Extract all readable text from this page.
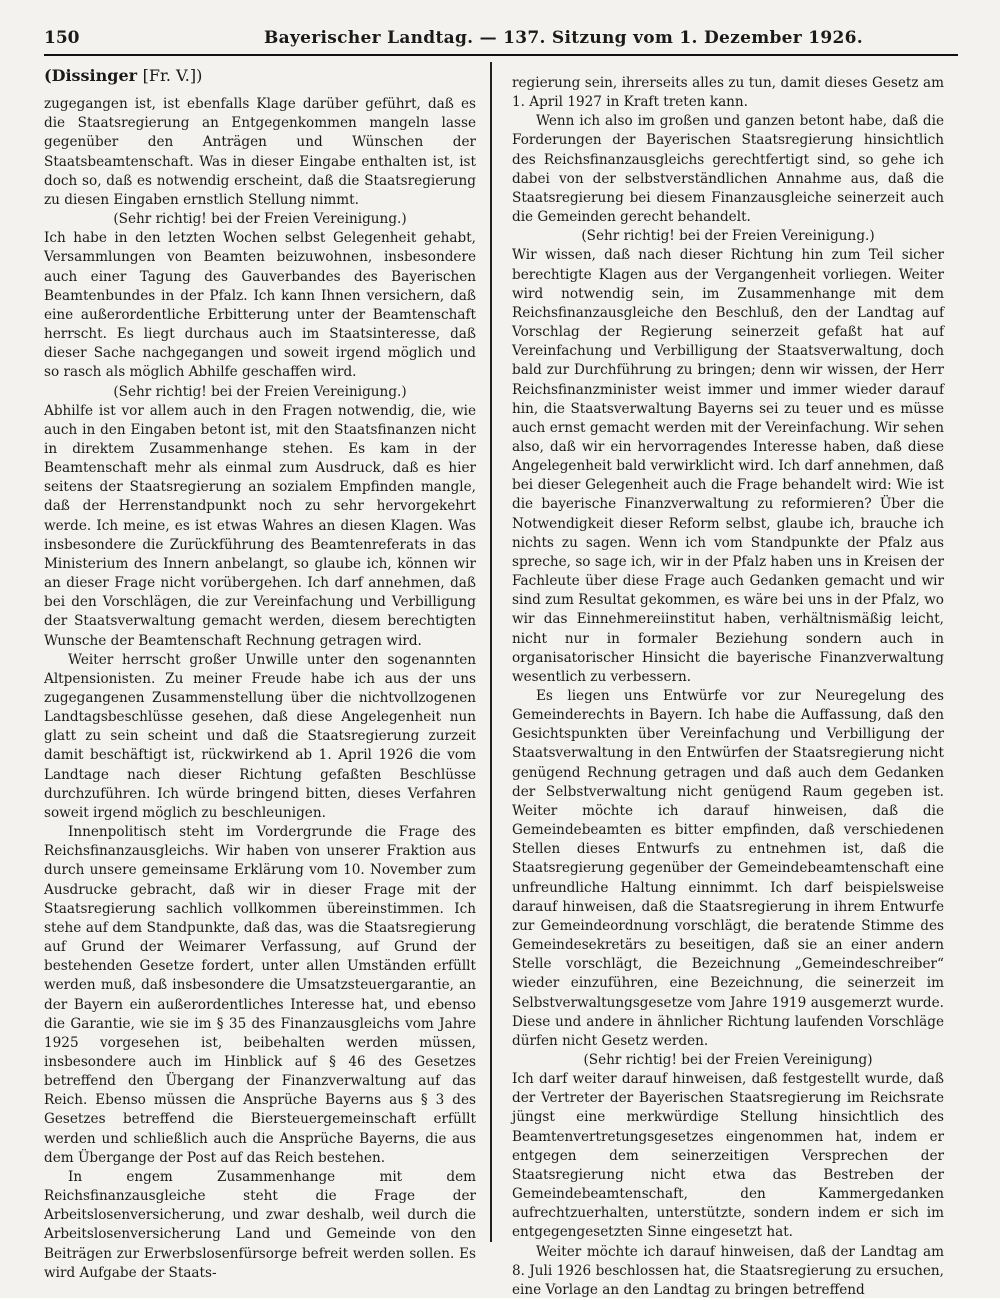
150	Bayerischer Landtag. — 137. Sitzung vom 1. Dezember 1926.

(Dissinger [Fr. V.])

zugegangen ist, ist ebenfalls Klage darüber geführt, daß es die Staatsregierung an Entgegenkommen mangeln lasse gegenüber den Anträgen und Wünschen der Staatsbeamtenschaft. Was in dieser Eingabe enthalten ist, ist doch so, daß es notwendig erscheint, daß die Staatsregierung zu diesen Eingaben ernstlich Stellung nimmt.

(Sehr richtig! bei der Freien Vereinigung.)

Ich habe in den letzten Wochen selbst Gelegenheit gehabt, Versammlungen von Beamten beizuwohnen, insbesondere auch einer Tagung des Gauverbandes des Bayerischen Beamtenbundes in der Pfalz. Ich kann Ihnen versichern, daß eine außerordentliche Erbitterung unter der Beamtenschaft herrscht. Es liegt durchaus auch im Staatsinteresse, daß dieser Sache nachgegangen und soweit irgend möglich und so rasch als möglich Abhilfe geschaffen wird.

(Sehr richtig! bei der Freien Vereinigung.)

Abhilfe ist vor allem auch in den Fragen notwendig, die, wie auch in den Eingaben betont ist, mit den Staatsfinanzen nicht in direktem Zusammenhange stehen. Es kam in der Beamtenschaft mehr als einmal zum Ausdruck, daß es hier seitens der Staatsregierung an sozialem Empfinden mangle, daß der Herrenstandpunkt noch zu sehr hervorgekehrt werde. Ich meine, es ist etwas Wahres an diesen Klagen. Was insbesondere die Zurückführung des Beamtenreferats in das Ministerium des Innern anbelangt, so glaube ich, können wir an dieser Frage nicht vorübergehen. Ich darf annehmen, daß bei den Vorschlägen, die zur Vereinfachung und Verbilligung der Staatsverwaltung gemacht werden, diesem berechtigten Wunsche der Beamtenschaft Rechnung getragen wird.

Weiter herrscht großer Unwille unter den sogenannten Altpensionisten. Zu meiner Freude habe ich aus der uns zugegangenen Zusammenstellung über die nichtvollzogenen Landtagsbeschlüsse gesehen, daß diese Angelegenheit nun glatt zu sein scheint und daß die Staatsregierung zurzeit damit beschäftigt ist, rückwirkend ab 1. April 1926 die vom Landtage nach dieser Richtung gefaßten Beschlüsse durchzuführen. Ich würde bringend bitten, dieses Verfahren soweit irgend möglich zu beschleunigen.

Innenpolitisch steht im Vordergrunde die Frage des Reichsfinanzausgleichs. Wir haben von unserer Fraktion aus durch unsere gemeinsame Erklärung vom 10. November zum Ausdrucke gebracht, daß wir in dieser Frage mit der Staatsregierung sachlich vollkommen übereinstimmen. Ich stehe auf dem Standpunkte, daß das, was die Staatsregierung auf Grund der Weimarer Verfassung, auf Grund der bestehenden Gesetze fordert, unter allen Umständen erfüllt werden muß, daß insbesondere die Umsatzsteuergarantie, an der Bayern ein außerordentliches Interesse hat, und ebenso die Garantie, wie sie im § 35 des Finanzausgleichs vom Jahre 1925 vorgesehen ist, beibehalten werden müssen, insbesondere auch im Hinblick auf § 46 des Gesetzes betreffend den Übergang der Finanzverwaltung auf das Reich. Ebenso müssen die Ansprüche Bayerns aus § 3 des Gesetzes betreffend die Biersteuergemeinschaft erfüllt werden und schließlich auch die Ansprüche Bayerns, die aus dem Übergange der Post auf das Reich bestehen.

In engem Zusammenhange mit dem Reichsfinanzausgleiche steht die Frage der Arbeitslosenversicherung, und zwar deshalb, weil durch die Arbeitslosenversicherung Land und Gemeinde von den Beiträgen zur Erwerbslosenfürsorge befreit werden sollen. Es wird Aufgabe der Staats-

regierung sein, ihrerseits alles zu tun, damit dieses Gesetz am 1. April 1927 in Kraft treten kann.

Wenn ich also im großen und ganzen betont habe, daß die Forderungen der Bayerischen Staatsregierung hinsichtlich des Reichsfinanzausgleichs gerechtfertigt sind, so gehe ich dabei von der selbstverständlichen Annahme aus, daß die Staatsregierung bei diesem Finanzausgleiche seinerzeit auch die Gemeinden gerecht behandelt.

(Sehr richtig! bei der Freien Vereinigung.)

Wir wissen, daß nach dieser Richtung hin zum Teil sicher berechtigte Klagen aus der Vergangenheit vorliegen. Weiter wird notwendig sein, im Zusammenhange mit dem Reichsfinanzausgleiche den Beschluß, den der Landtag auf Vorschlag der Regierung seinerzeit gefaßt hat auf Vereinfachung und Verbilligung der Staatsverwaltung, doch bald zur Durchführung zu bringen; denn wir wissen, der Herr Reichsfinanzminister weist immer und immer wieder darauf hin, die Staatsverwaltung Bayerns sei zu teuer und es müsse auch ernst gemacht werden mit der Vereinfachung. Wir sehen also, daß wir ein hervorragendes Interesse haben, daß diese Angelegenheit bald verwirklicht wird. Ich darf annehmen, daß bei dieser Gelegenheit auch die Frage behandelt wird: Wie ist die bayerische Finanzverwaltung zu reformieren? Über die Notwendigkeit dieser Reform selbst, glaube ich, brauche ich nichts zu sagen. Wenn ich vom Standpunkte der Pfalz aus spreche, so sage ich, wir in der Pfalz haben uns in Kreisen der Fachleute über diese Frage auch Gedanken gemacht und wir sind zum Resultat gekommen, es wäre bei uns in der Pfalz, wo wir das Einnehmereiinstitut haben, verhältnismäßig leicht, nicht nur in formaler Beziehung sondern auch in organisatorischer Hinsicht die bayerische Finanzverwaltung wesentlich zu verbessern.

Es liegen uns Entwürfe vor zur Neuregelung des Gemeinderechts in Bayern. Ich habe die Auffassung, daß den Gesichtspunkten über Vereinfachung und Verbilligung der Staatsverwaltung in den Entwürfen der Staatsregierung nicht genügend Rechnung getragen und daß auch dem Gedanken der Selbstverwaltung nicht genügend Raum gegeben ist. Weiter möchte ich darauf hinweisen, daß die Gemeindebeamten es bitter empfinden, daß verschiedenen Stellen dieses Entwurfs zu entnehmen ist, daß die Staatsregierung gegenüber der Gemeindebeamtenschaft eine unfreundliche Haltung einnimmt. Ich darf beispielsweise darauf hinweisen, daß die Staatsregierung in ihrem Entwurfe zur Gemeindeordnung vorschlägt, die beratende Stimme des Gemeindesekretärs zu beseitigen, daß sie an einer andern Stelle vorschlägt, die Bezeichnung „Gemeindeschreiber“ wieder einzuführen, eine Bezeichnung, die seinerzeit im Selbstverwaltungsgesetze vom Jahre 1919 ausgemerzt wurde. Diese und andere in ähnlicher Richtung laufenden Vorschläge dürfen nicht Gesetz werden.

(Sehr richtig! bei der Freien Vereinigung)

Ich darf weiter darauf hinweisen, daß festgestellt wurde, daß der Vertreter der Bayerischen Staatsregierung im Reichsrate jüngst eine merkwürdige Stellung hinsichtlich des Beamtenvertretungsgesetzes eingenommen hat, indem er entgegen dem seinerzeitigen Versprechen der Staatsregierung nicht etwa das Bestreben der Gemeindebeamtenschaft, den Kammergedanken aufrechtzuerhalten, unterstützte, sondern indem er sich im entgegengesetzten Sinne eingesetzt hat.

Weiter möchte ich darauf hinweisen, daß der Landtag am 8. Juli 1926 beschlossen hat, die Staatsregierung zu ersuchen, eine Vorlage an den Landtag zu bringen betreffend
